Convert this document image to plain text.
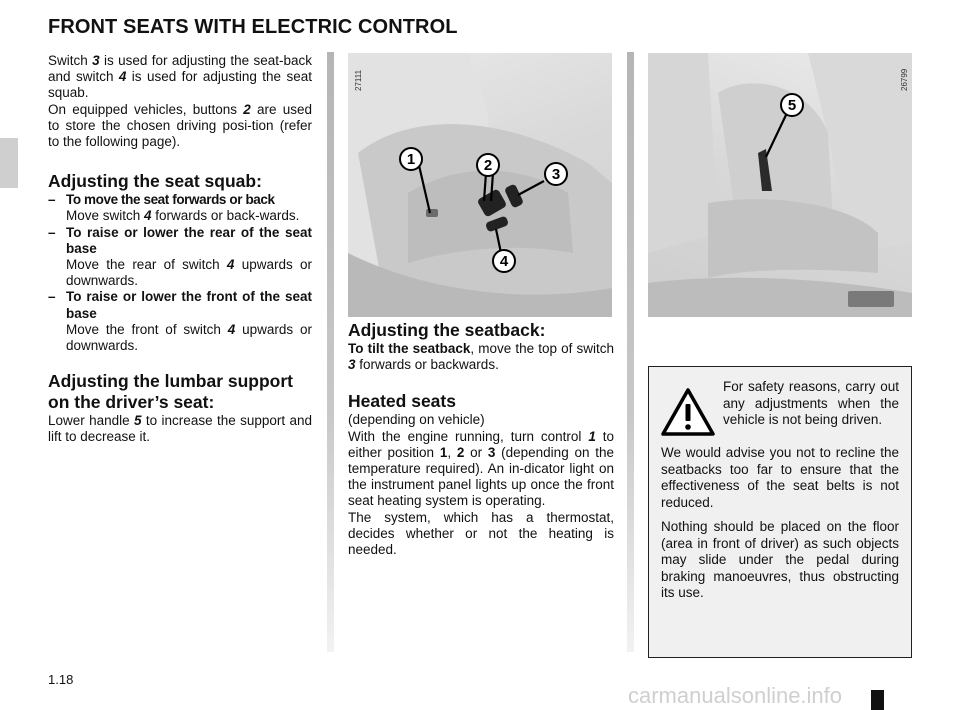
FRONT SEATS WITH ELECTRIC CONTROL

Switch 3 is used for adjusting the seat-back and switch 4 is used for adjusting the seat squab.

On equipped vehicles, buttons 2 are used to store the chosen driving posi-tion (refer to the following page).

Adjusting the seat squab:
– To move the seat forwards or back
Move switch 4 forwards or back-wards.
– To raise or lower the rear of the seat base
Move the rear of switch 4 upwards or downwards.
– To raise or lower the front of the seat base
Move the front of switch 4 upwards or downwards.
Adjusting the lumbar support
on the driver’s seat:

Lower handle 5 to increase the support and lift to decrease it.

1	2
3
4
27111
5
26799
Adjusting the seatback:

To tilt the seatback, move the top of switch 3 forwards or backwards.

Heated seats

(depending on vehicle)

With the engine running, turn control 1 to either position 1, 2 or 3 (depending on the temperature required). An in-dicator light on the instrument panel lights up once the front seat heating system is operating.

The system, which has a thermostat, decides whether or not the heating is needed.

For safety reasons, carry out any adjustments when the vehicle is not being driven.

We would advise you not to recline the seatbacks too far to ensure that the effectiveness of the seat belts is not reduced.

Nothing should be placed on the floor (area in front of driver) as such objects may slide under the pedal during braking manoeuvres, thus obstructing its use.

1.18
carmanualsonline.info
